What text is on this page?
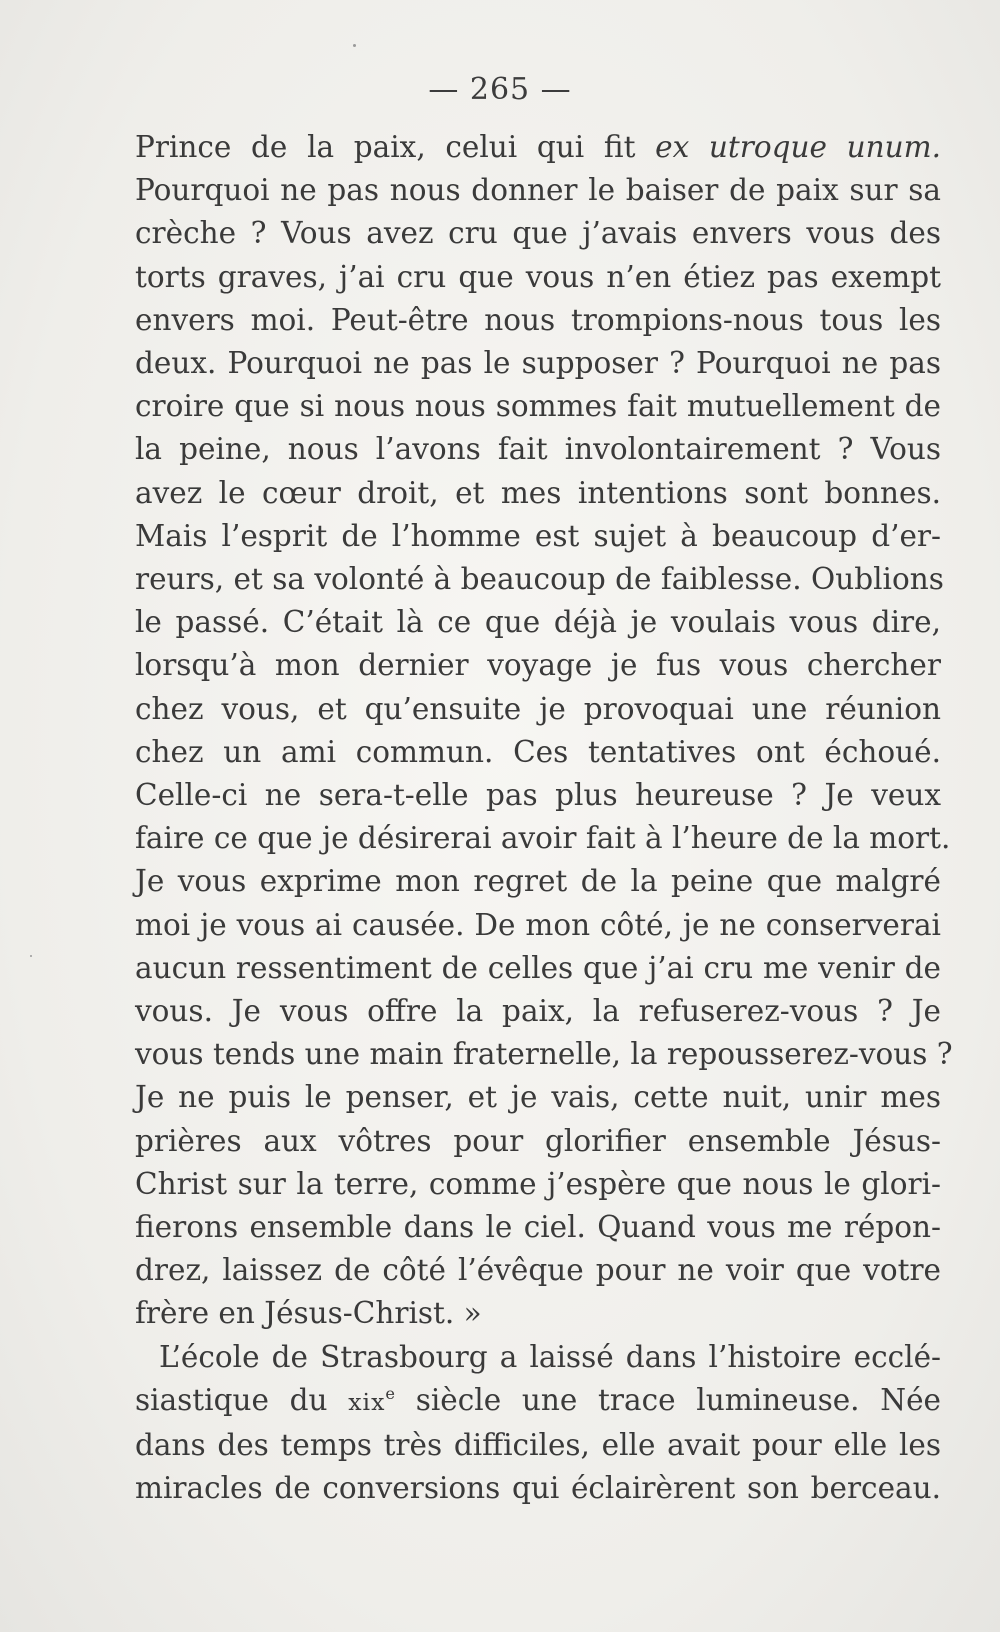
— 265 —
Prince de la paix, celui qui fit ex utroque unum.
Pourquoi ne pas nous donner le baiser de paix sur sa
crèche ? Vous avez cru que j’avais envers vous des
torts graves, j’ai cru que vous n’en étiez pas exempt
envers moi. Peut-être nous trompions-nous tous les
deux. Pourquoi ne pas le supposer ? Pourquoi ne pas
croire que si nous nous sommes fait mutuellement de
la peine, nous l’avons fait involontairement ? Vous
avez le cœur droit, et mes intentions sont bonnes.
Mais l’esprit de l’homme est sujet à beaucoup d’er-
reurs, et sa volonté à beaucoup de faiblesse. Oublions
le passé. C’était là ce que déjà je voulais vous dire,
lorsqu’à mon dernier voyage je fus vous chercher
chez vous, et qu’ensuite je provoquai une réunion
chez un ami commun. Ces tentatives ont échoué.
Celle-ci ne sera-t-elle pas plus heureuse ? Je veux
faire ce que je désirerai avoir fait à l’heure de la mort.
Je vous exprime mon regret de la peine que malgré
moi je vous ai causée. De mon côté, je ne conserverai
aucun ressentiment de celles que j’ai cru me venir de
vous. Je vous offre la paix, la refuserez-vous ? Je
vous tends une main fraternelle, la repousserez-vous ?
Je ne puis le penser, et je vais, cette nuit, unir mes
prières aux vôtres pour glorifier ensemble Jésus-
Christ sur la terre, comme j’espère que nous le glori-
fierons ensemble dans le ciel. Quand vous me répon-
drez, laissez de côté l’évêque pour ne voir que votre
frère en Jésus-Christ. »
L’école de Strasbourg a laissé dans l’histoire ecclé-
siastique du xix$^e$ siècle une trace lumineuse. Née
dans des temps très difficiles, elle avait pour elle les
miracles de conversions qui éclairèrent son berceau.
